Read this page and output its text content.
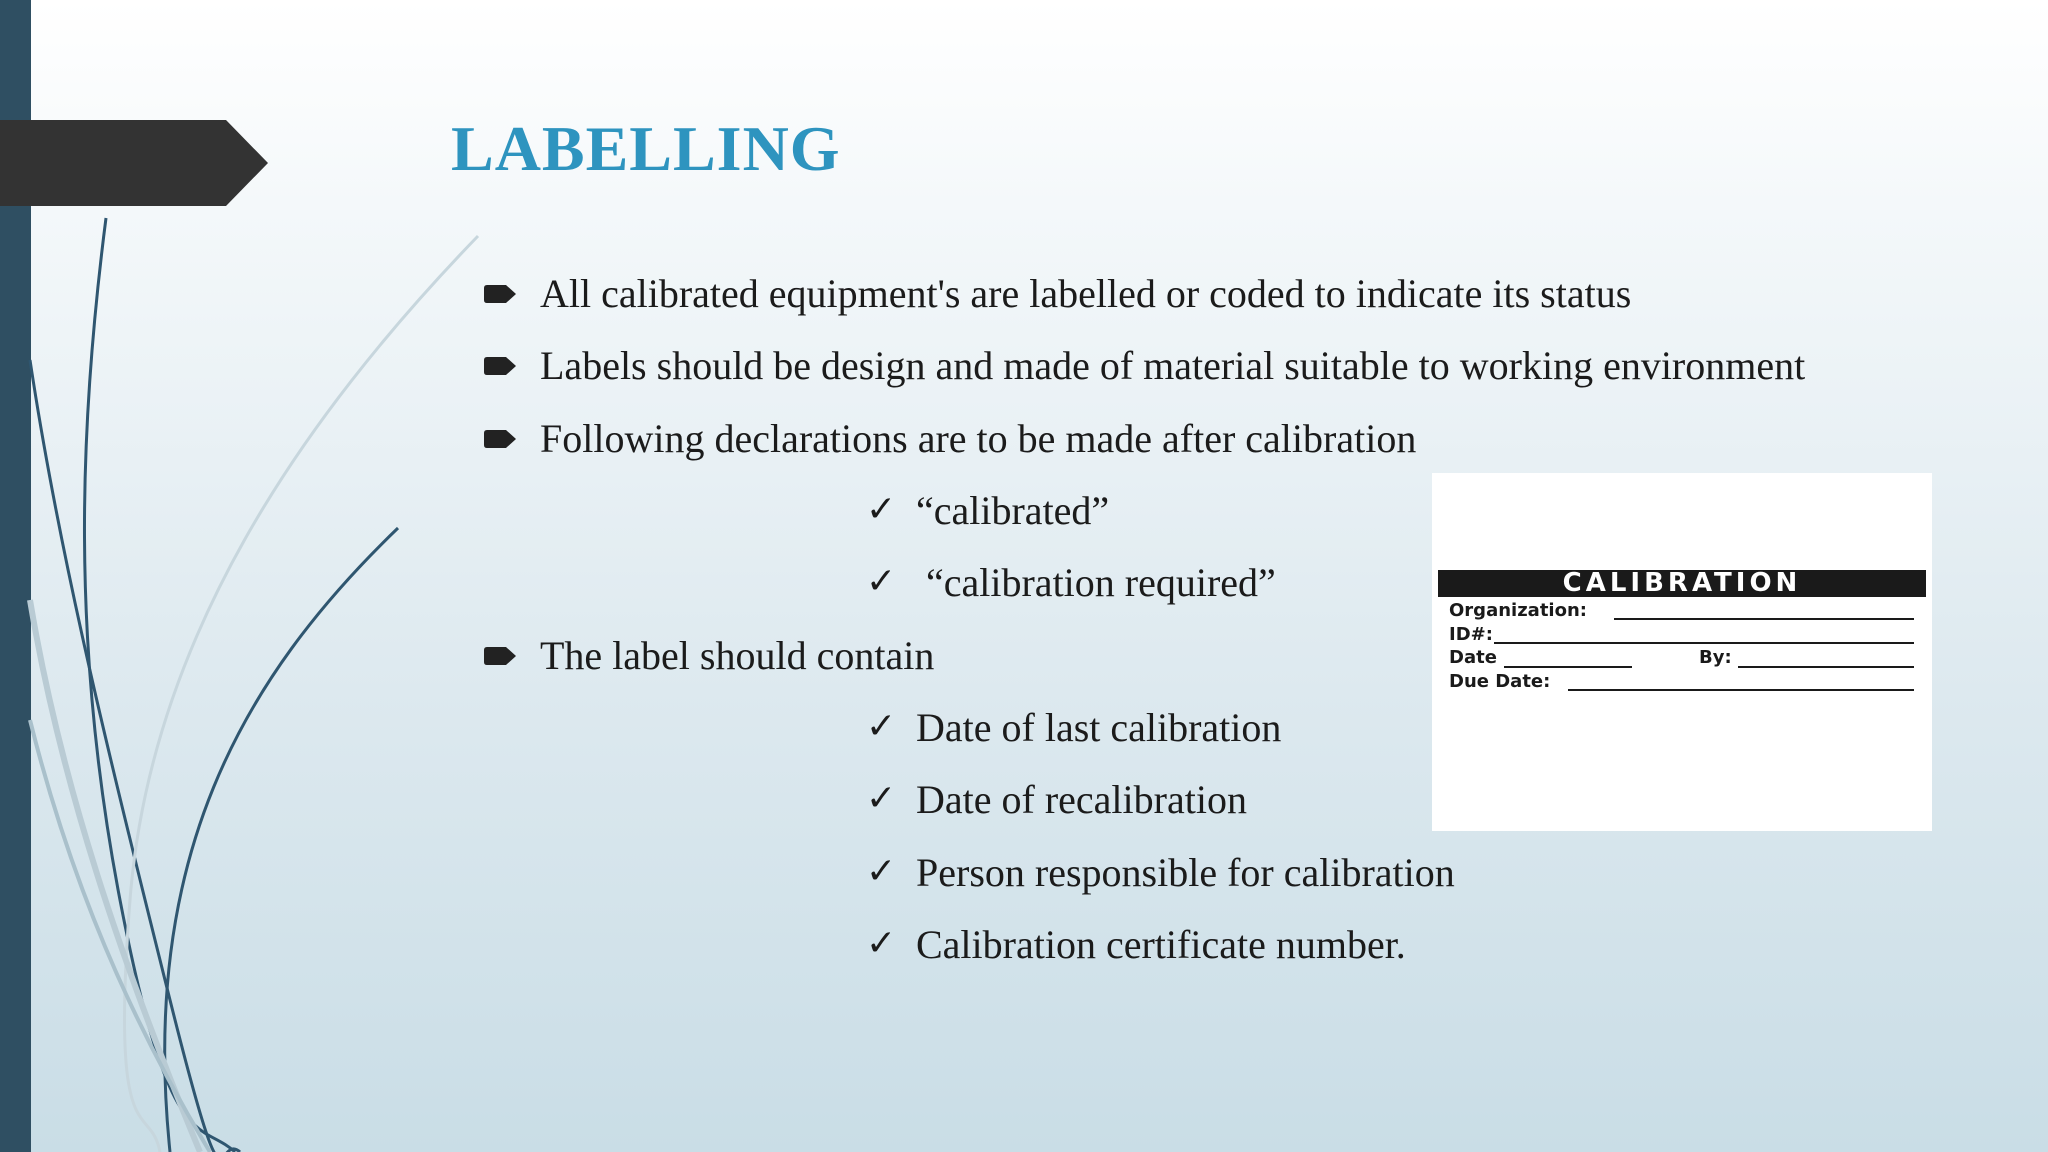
LABELLING
All calibrated equipment's are labelled or coded to indicate its status
Labels should be design and made of material suitable to working environment
Following declarations are to be made after calibration
✓ “calibrated”
✓ “calibration required”
The label should contain
✓ Date of last calibration
✓ Date of recalibration
✓ Person responsible for calibration
✓ Calibration certificate number.
CALIBRATION
Organization:
ID#:
Date	By:
Due Date:
